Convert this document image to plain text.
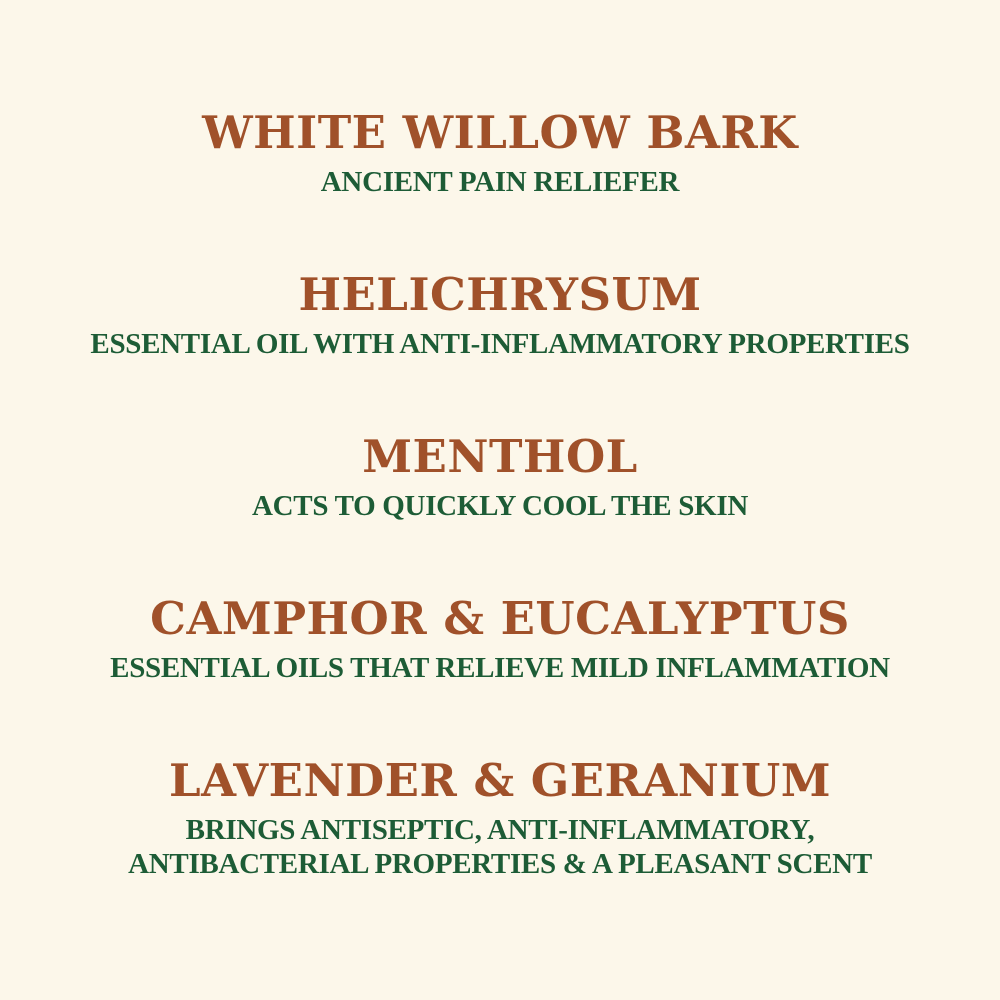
WHITE WILLOW BARK
ANCIENT PAIN RELIEFER
HELICHRYSUM
ESSENTIAL OIL WITH ANTI-INFLAMMATORY PROPERTIES
MENTHOL
ACTS TO QUICKLY COOL THE SKIN
CAMPHOR & EUCALYPTUS
ESSENTIAL OILS THAT RELIEVE MILD INFLAMMATION
LAVENDER & GERANIUM
BRINGS ANTISEPTIC, ANTI-INFLAMMATORY,
ANTIBACTERIAL PROPERTIES & A PLEASANT SCENT
